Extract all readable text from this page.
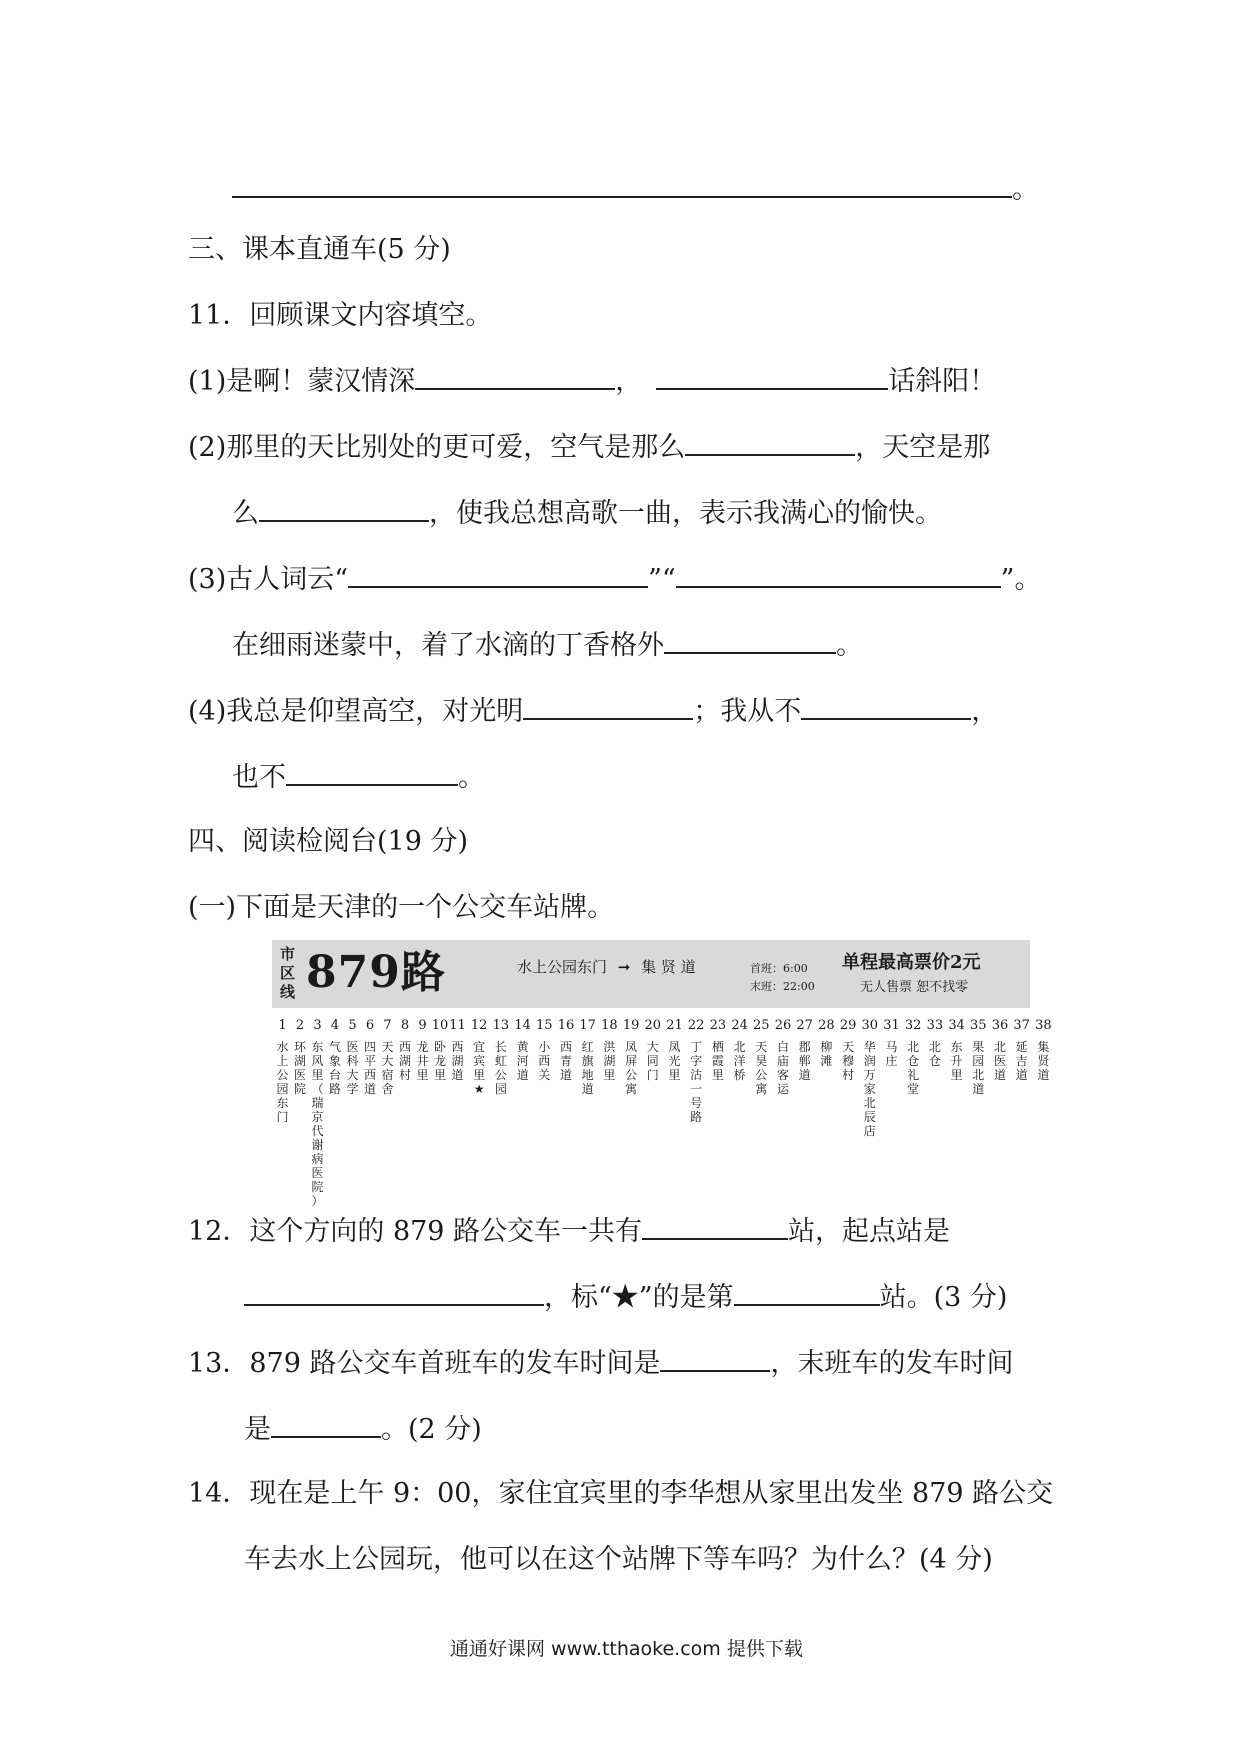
。
三、课本直通车(5 分)
11．回顾课文内容填空。
(1)是啊！蒙汉情深	，	话斜阳！
(2)那里的天比别处的更可爱，空气是那么	，天空是那
么	，使我总想高歌一曲，表示我满心的愉快。
(3)古人词云“	”“	”。
在细雨迷蒙中，着了水滴的丁香格外	。
(4)我总是仰望高空，对光明	；我从不	，
也不	。
四、阅读检阅台(19 分)
(一)下面是天津的一个公交车站牌。
市区线 879路	水上公园东门 ➞ 集 贤 道	首班：6:00
末班：22:00
单程最高票价2元
无人售票 恕不找零
1
水
上
公
园
东
门
2
环
湖
医
院
3
东
风
里
（
瑞
京
代
谢
病
医
院
）
4
气
象
台
路
5
医
科
大
学
6
四
平
西
道
7
天
大
宿
舍
8
西
湖
村
9
龙
井
里
10
卧
龙
里
11
西
湖
道
12
宜
宾
里
★
13
长
虹
公
园
14
黄
河
道
15
小
西
关
16
西
青
道
17
红
旗
地
道
18
洪
湖
里
19
凤
屏
公
寓
20
大
同
门
21
凤
光
里
22
丁
字
沽
一
号
路
23
栖
霞
里
24
北
洋
桥
25
天
昊
公
寓
26
白
庙
客
运
27
郡
郸
道
28
柳
滩
29
天
穆
村
30
华
润
万
家
北
辰
店
31
马
庄
32
北
仓
礼
堂
33
北
仓
34
东
升
里
35
果
园
北
道
36
北
医
道
37
延
吉
道
38
集
贤
道
12．这个方向的 879 路公交车一共有	站，起点站是
，标“★”的是第	站。(3 分)
13．879 路公交车首班车的发车时间是	，末班车的发车时间
是	。(2 分)
14．现在是上午 9：00，家住宜宾里的李华想从家里出发坐 879 路公交
车去水上公园玩，他可以在这个站牌下等车吗？为什么？(4 分)
通通好课网 www.tthaoke.com 提供下载
